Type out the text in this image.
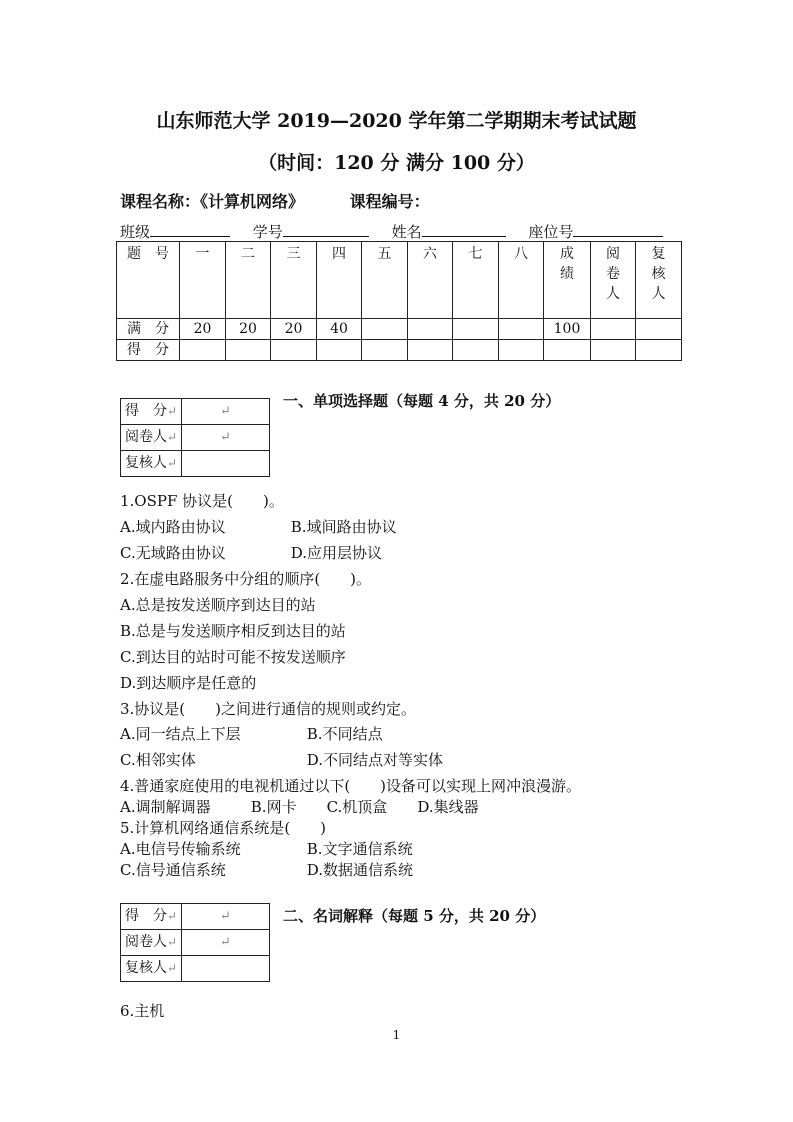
山东师范大学 2019—2020 学年第二学期期末考试试题
（时间：120 分 满分 100 分）
课程名称：《计算机网络》	课程编号：
班级	学号	姓名	座位号
题　号	一	二	三	四	五	六	七	八	成绩	阅卷人	复核人
满　分	20	20	20	40					100		
得　分											
得　分↵	↵
阅卷人↵	↵
复核人↵	
一、单项选择题（每题 4 分，共 20 分）
1.OSPF 协议是(　　)。
A.域内路由协议	B.域间路由协议
C.无域路由协议	D.应用层协议
2.在虚电路服务中分组的顺序(　　)。
A.总是按发送顺序到达目的站
B.总是与发送顺序相反到达目的站
C.到达目的站时可能不按发送顺序
D.到达顺序是任意的
3.协议是(　　)之间进行通信的规则或约定。
A.同一结点上下层	B.不同结点
C.相邻实体	D.不同结点对等实体
4.普通家庭使用的电视机通过以下(　　)设备可以实现上网冲浪漫游。
A.调制解调器	B.网卡 C.机顶盒 D.集线器
5.计算机网络通信系统是(　　)
A.电信号传输系统	B.文字通信系统
C.信号通信系统	D.数据通信系统
得　分↵	↵
阅卷人↵	↵
复核人↵	
二、名词解释（每题 5 分，共 20 分）
6.主机
1
